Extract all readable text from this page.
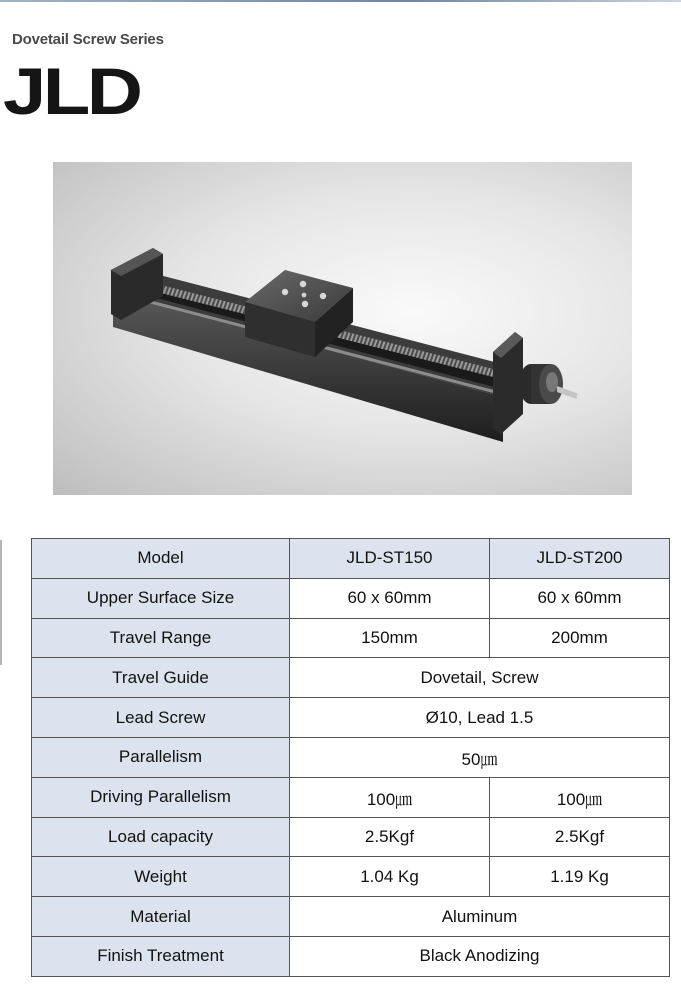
Dovetail Screw Series
JLD
Model	JLD-ST150	JLD-ST200
Upper Surface Size	60 x 60mm	60 x 60mm
Travel Range	150mm	200mm
Travel Guide	Dovetail, Screw	
Lead Screw	Ø10, Lead 1.5	
Parallelism	50㎛	
Driving Parallelism	100㎛	100㎛
Load capacity	2.5Kgf	2.5Kgf
Weight	1.04 Kg	1.19 Kg
Material	Aluminum	
Finish Treatment	Black Anodizing	
